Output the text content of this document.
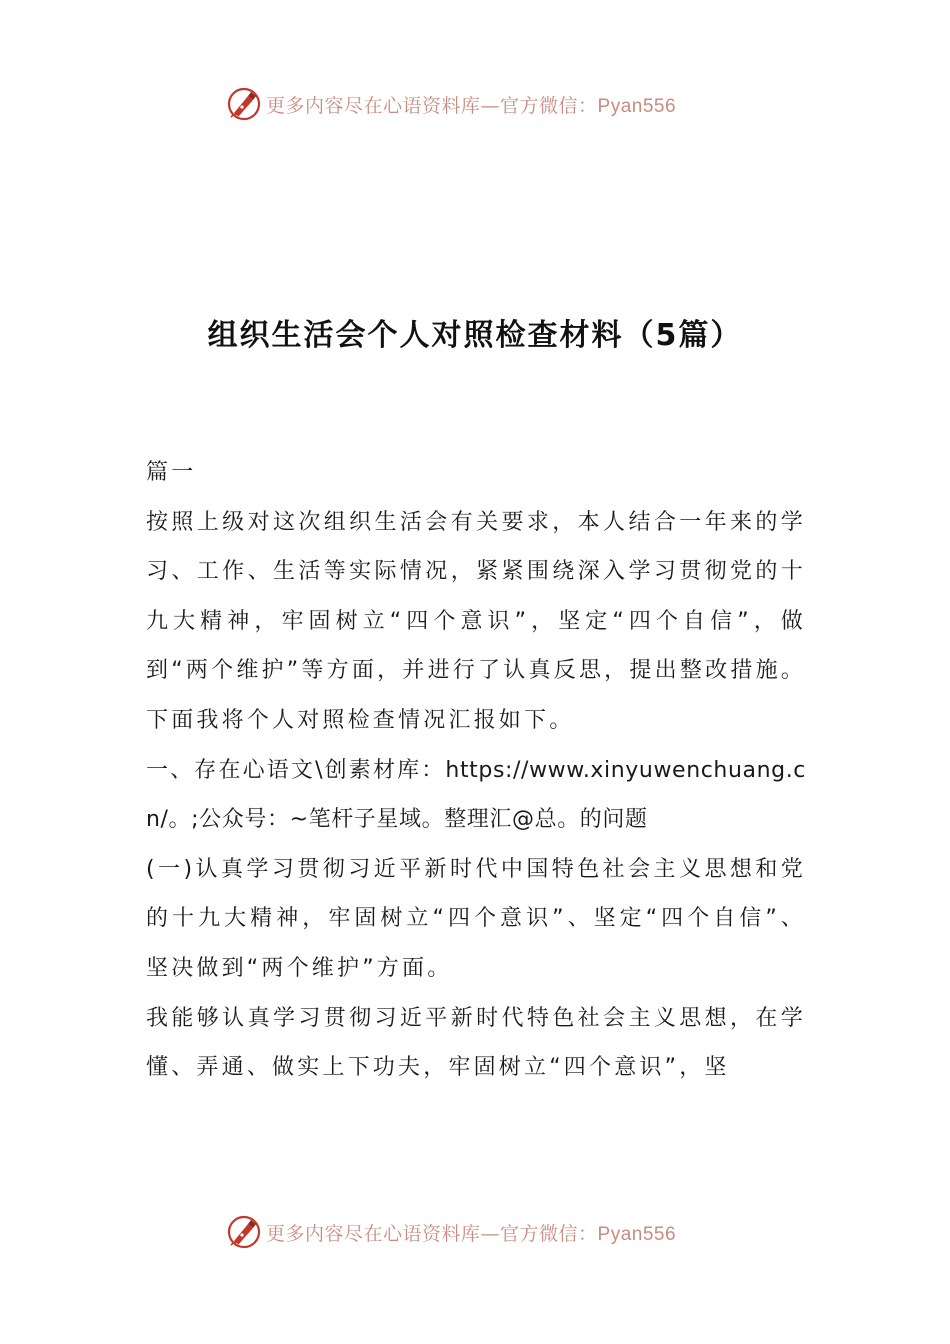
更多内容尽在心语资料库—官方微信：Pyan556
组织生活会个人对照检查材料（5篇）

篇一

按照上级对这次组织生活会有关要求，本人结合一年来的学习、工作、生活等实际情况，紧紧围绕深入学习贯彻党的十九大精神，牢固树立“四个意识”，坚定“四个自信”，做到“两个维护”等方面，并进行了认真反思，提出整改措施。下面我将个人对照检查情况汇报如下。

一、存在心语文\创素材库：https://www.xinyuwenchuang.cn/。;公众号：~笔杆子星域。整理汇@总。的问题

(一)认真学习贯彻习近平新时代中国特色社会主义思想和党的十九大精神，牢固树立“四个意识”、坚定“四个自信”、坚决做到“两个维护”方面。

我能够认真学习贯彻习近平新时代特色社会主义思想，在学懂、弄通、做实上下功夫，牢固树立“四个意识”，坚

更多内容尽在心语资料库—官方微信：Pyan556
